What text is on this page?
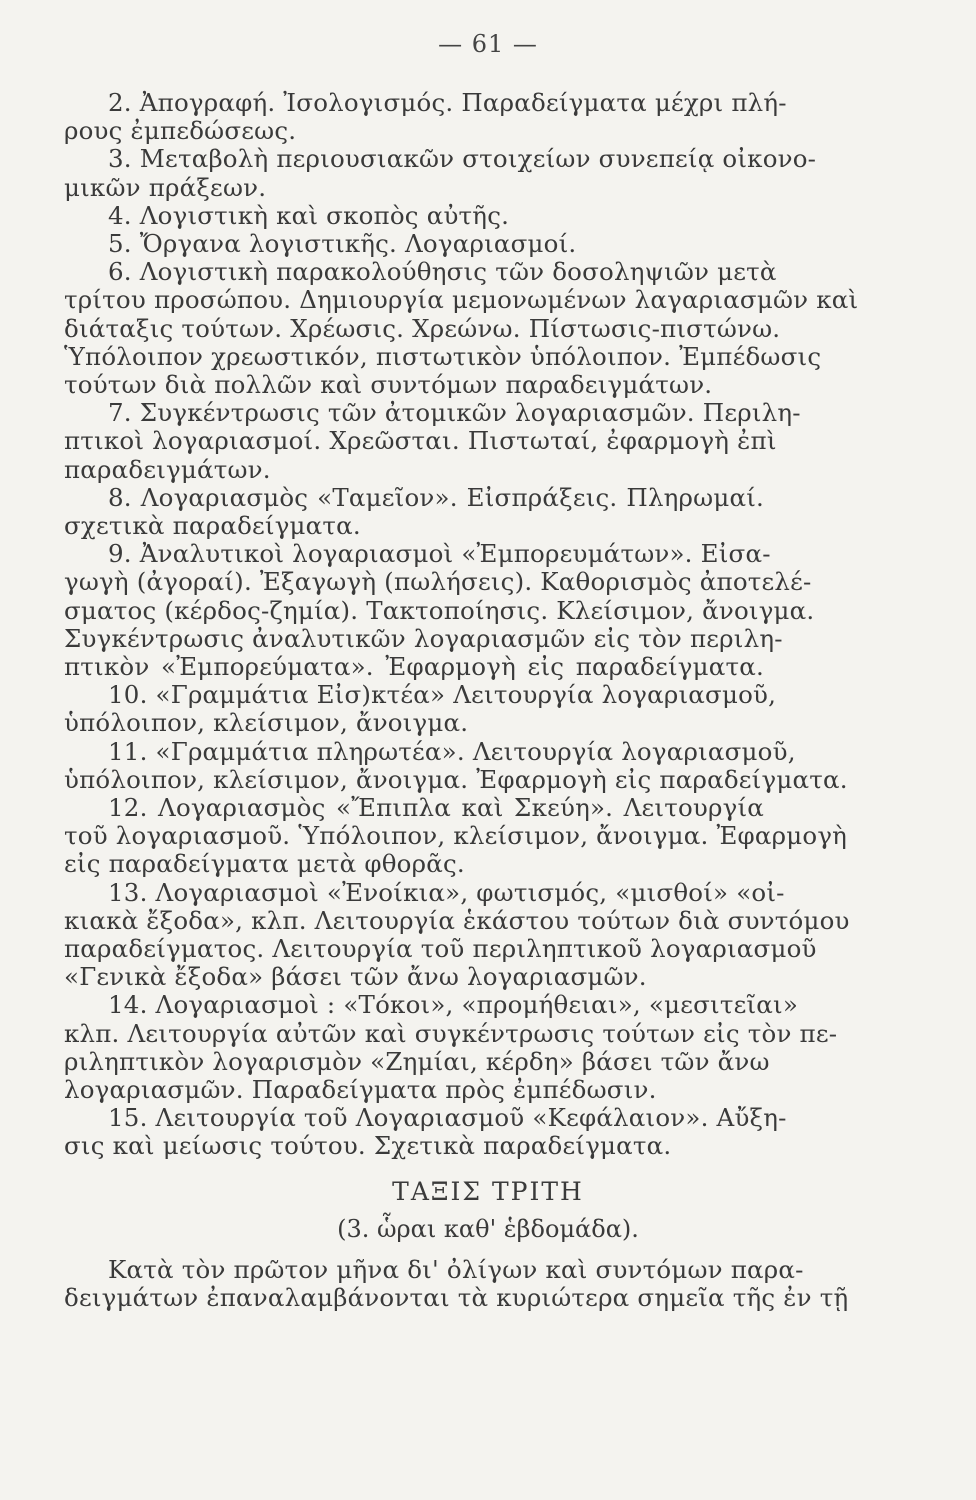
— 61 —
2. Ἀπογραφή. Ἰσολογισμός. Παραδείγματα μέχρι πλή-
ρους ἐμπεδώσεως.
3. Μεταβολὴ περιουσιακῶν στοιχείων συνεπείᾳ οἰκονο-
μικῶν πράξεων.
4. Λογιστικὴ καὶ σκοπὸς αὐτῆς.
5. Ὄργανα λογιστικῆς. Λογαριασμοί.
6. Λογιστικὴ παρακολούθησις τῶν δοσοληψιῶν μετὰ
τρίτου προσώπου. Δημιουργία μεμονωμένων λαγαριασμῶν καὶ
διάταξις τούτων. Χρέωσις. Χρεώνω. Πίστωσις-πιστώνω.
Ὑπόλοιπον χρεωστικόν, πιστωτικὸν ὑπόλοιπον. Ἐμπέδωσις
τούτων διὰ πολλῶν καὶ συντόμων παραδειγμάτων.
7. Συγκέντρωσις τῶν ἀτομικῶν λογαριασμῶν. Περιλη-
πτικοὶ λογαριασμοί. Χρεῶσται. Πιστωταί, ἐφαρμογὴ ἐπὶ
παραδειγμάτων.
8. Λογαριασμὸς «Ταμεῖον». Εἰσπράξεις. Πληρωμαί.
σχετικὰ παραδείγματα.
9. Ἀναλυτικοὶ λογαριασμοὶ «Ἐμπορευμάτων». Εἰσα-
γωγὴ (ἀγοραί). Ἐξαγωγὴ (πωλήσεις). Καθορισμὸς ἀποτελέ-
σματος (κέρδος-ζημία). Τακτοποίησις. Κλείσιμον, ἄνοιγμα.
Συγκέντρωσις ἀναλυτικῶν λογαριασμῶν εἰς τὸν περιλη-
πτικὸν «Ἐμπορεύματα». Ἐφαρμογὴ εἰς παραδείγματα.
10. «Γραμμάτια Εἰσ)κτέα» Λειτουργία λογαριασμοῦ,
ὑπόλοιπον, κλείσιμον, ἄνοιγμα.
11. «Γραμμάτια πληρωτέα». Λειτουργία λογαριασμοῦ,
ὑπόλοιπον, κλείσιμον, ἄνοιγμα. Ἐφαρμογὴ εἰς παραδείγματα.
12. Λογαριασμὸς «Ἔπιπλα καὶ Σκεύη». Λειτουργία
τοῦ λογαριασμοῦ. Ὑπόλοιπον, κλείσιμον, ἄνοιγμα. Ἐφαρμογὴ
εἰς παραδείγματα μετὰ φθορᾶς.
13. Λογαριασμοὶ «Ἐνοίκια», φωτισμός, «μισθοί» «οἰ-
κιακὰ ἔξοδα», κλπ. Λειτουργία ἑκάστου τούτων διὰ συντόμου
παραδείγματος. Λειτουργία τοῦ περιληπτικοῦ λογαριασμοῦ
«Γενικὰ ἔξοδα» βάσει τῶν ἄνω λογαριασμῶν.
14. Λογαριασμοὶ : «Τόκοι», «προμήθειαι», «μεσιτεῖαι»
κλπ. Λειτουργία αὐτῶν καὶ συγκέντρωσις τούτων εἰς τὸν πε-
ριληπτικὸν λογαρισμὸν «Ζημίαι, κέρδη» βάσει τῶν ἄνω
λογαριασμῶν. Παραδείγματα πρὸς ἐμπέδωσιν.
15. Λειτουργία τοῦ Λογαριασμοῦ «Κεφάλαιον». Αὔξη-
σις καὶ μείωσις τούτου. Σχετικὰ παραδείγματα.
ΤΑΞΙΣ ΤΡΙΤΗ
(3. ὧραι καθ' ἑβδομάδα).
Κατὰ τὸν πρῶτον μῆνα δι' ὀλίγων καὶ συντόμων παρα-
δειγμάτων ἐπαναλαμβάνονται τὰ κυριώτερα σημεῖα τῆς ἐν τῇ
